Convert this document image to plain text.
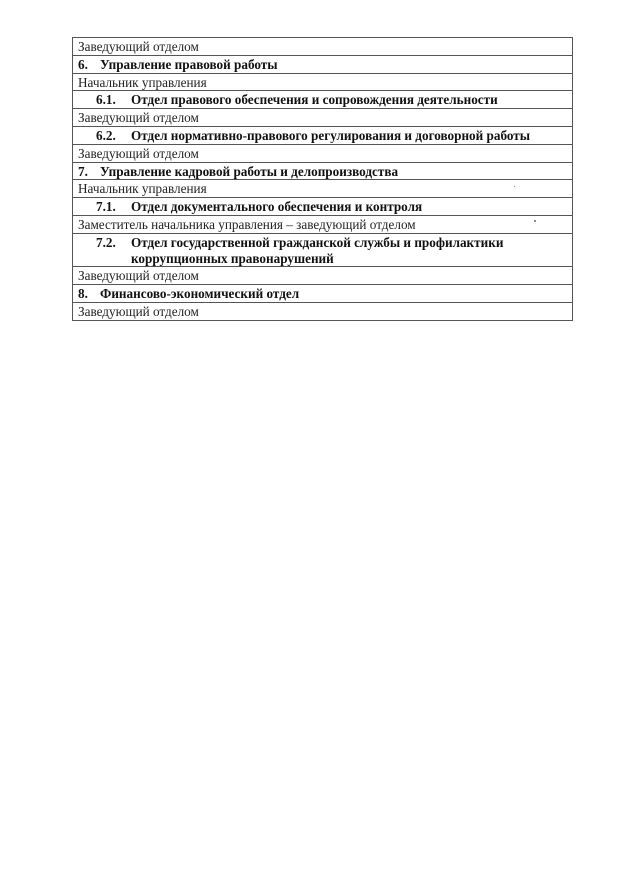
Заведующий отделом
6. Управление правовой работы
Начальник управления
6.1.	Отдел правового обеспечения и сопровождения деятельности
Заведующий отделом
6.2.	Отдел нормативно-правового регулирования и договорной работы
Заведующий отделом
7. Управление кадровой работы и делопроизводства
Начальник управления
7.1.	Отдел документального обеспечения и контроля
Заместитель начальника управления – заведующий отделом
7.2.	Отдел государственной гражданской службы и профилактики коррупционных правонарушений
Заведующий отделом
8. Финансово-экономический отдел
Заведующий отделом
